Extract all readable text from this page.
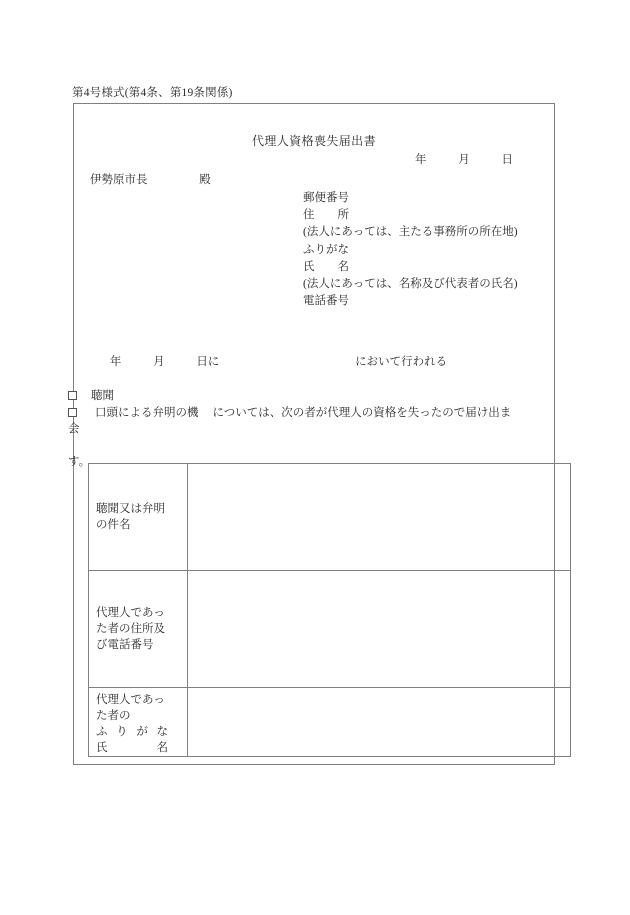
第4号様式(第4条、第19条関係)
代理人資格喪失届出書
年	月	日
伊勢原市長	殿
郵便番号
住　　所
(法人にあっては、主たる事務所の所在地)
ふりがな
氏　　名
(法人にあっては、名称及び代表者の氏名)
電話番号
年	月	日に	において行われる
聴聞
口頭による弁明の機 については、次の者が代理人の資格を失ったので届け出ま
会
す。
聴聞又は弁明
の件名	

代理人であっ
た者の住所及
び電話番号	

代理人であっ
た者の
ふりがな
氏名	
